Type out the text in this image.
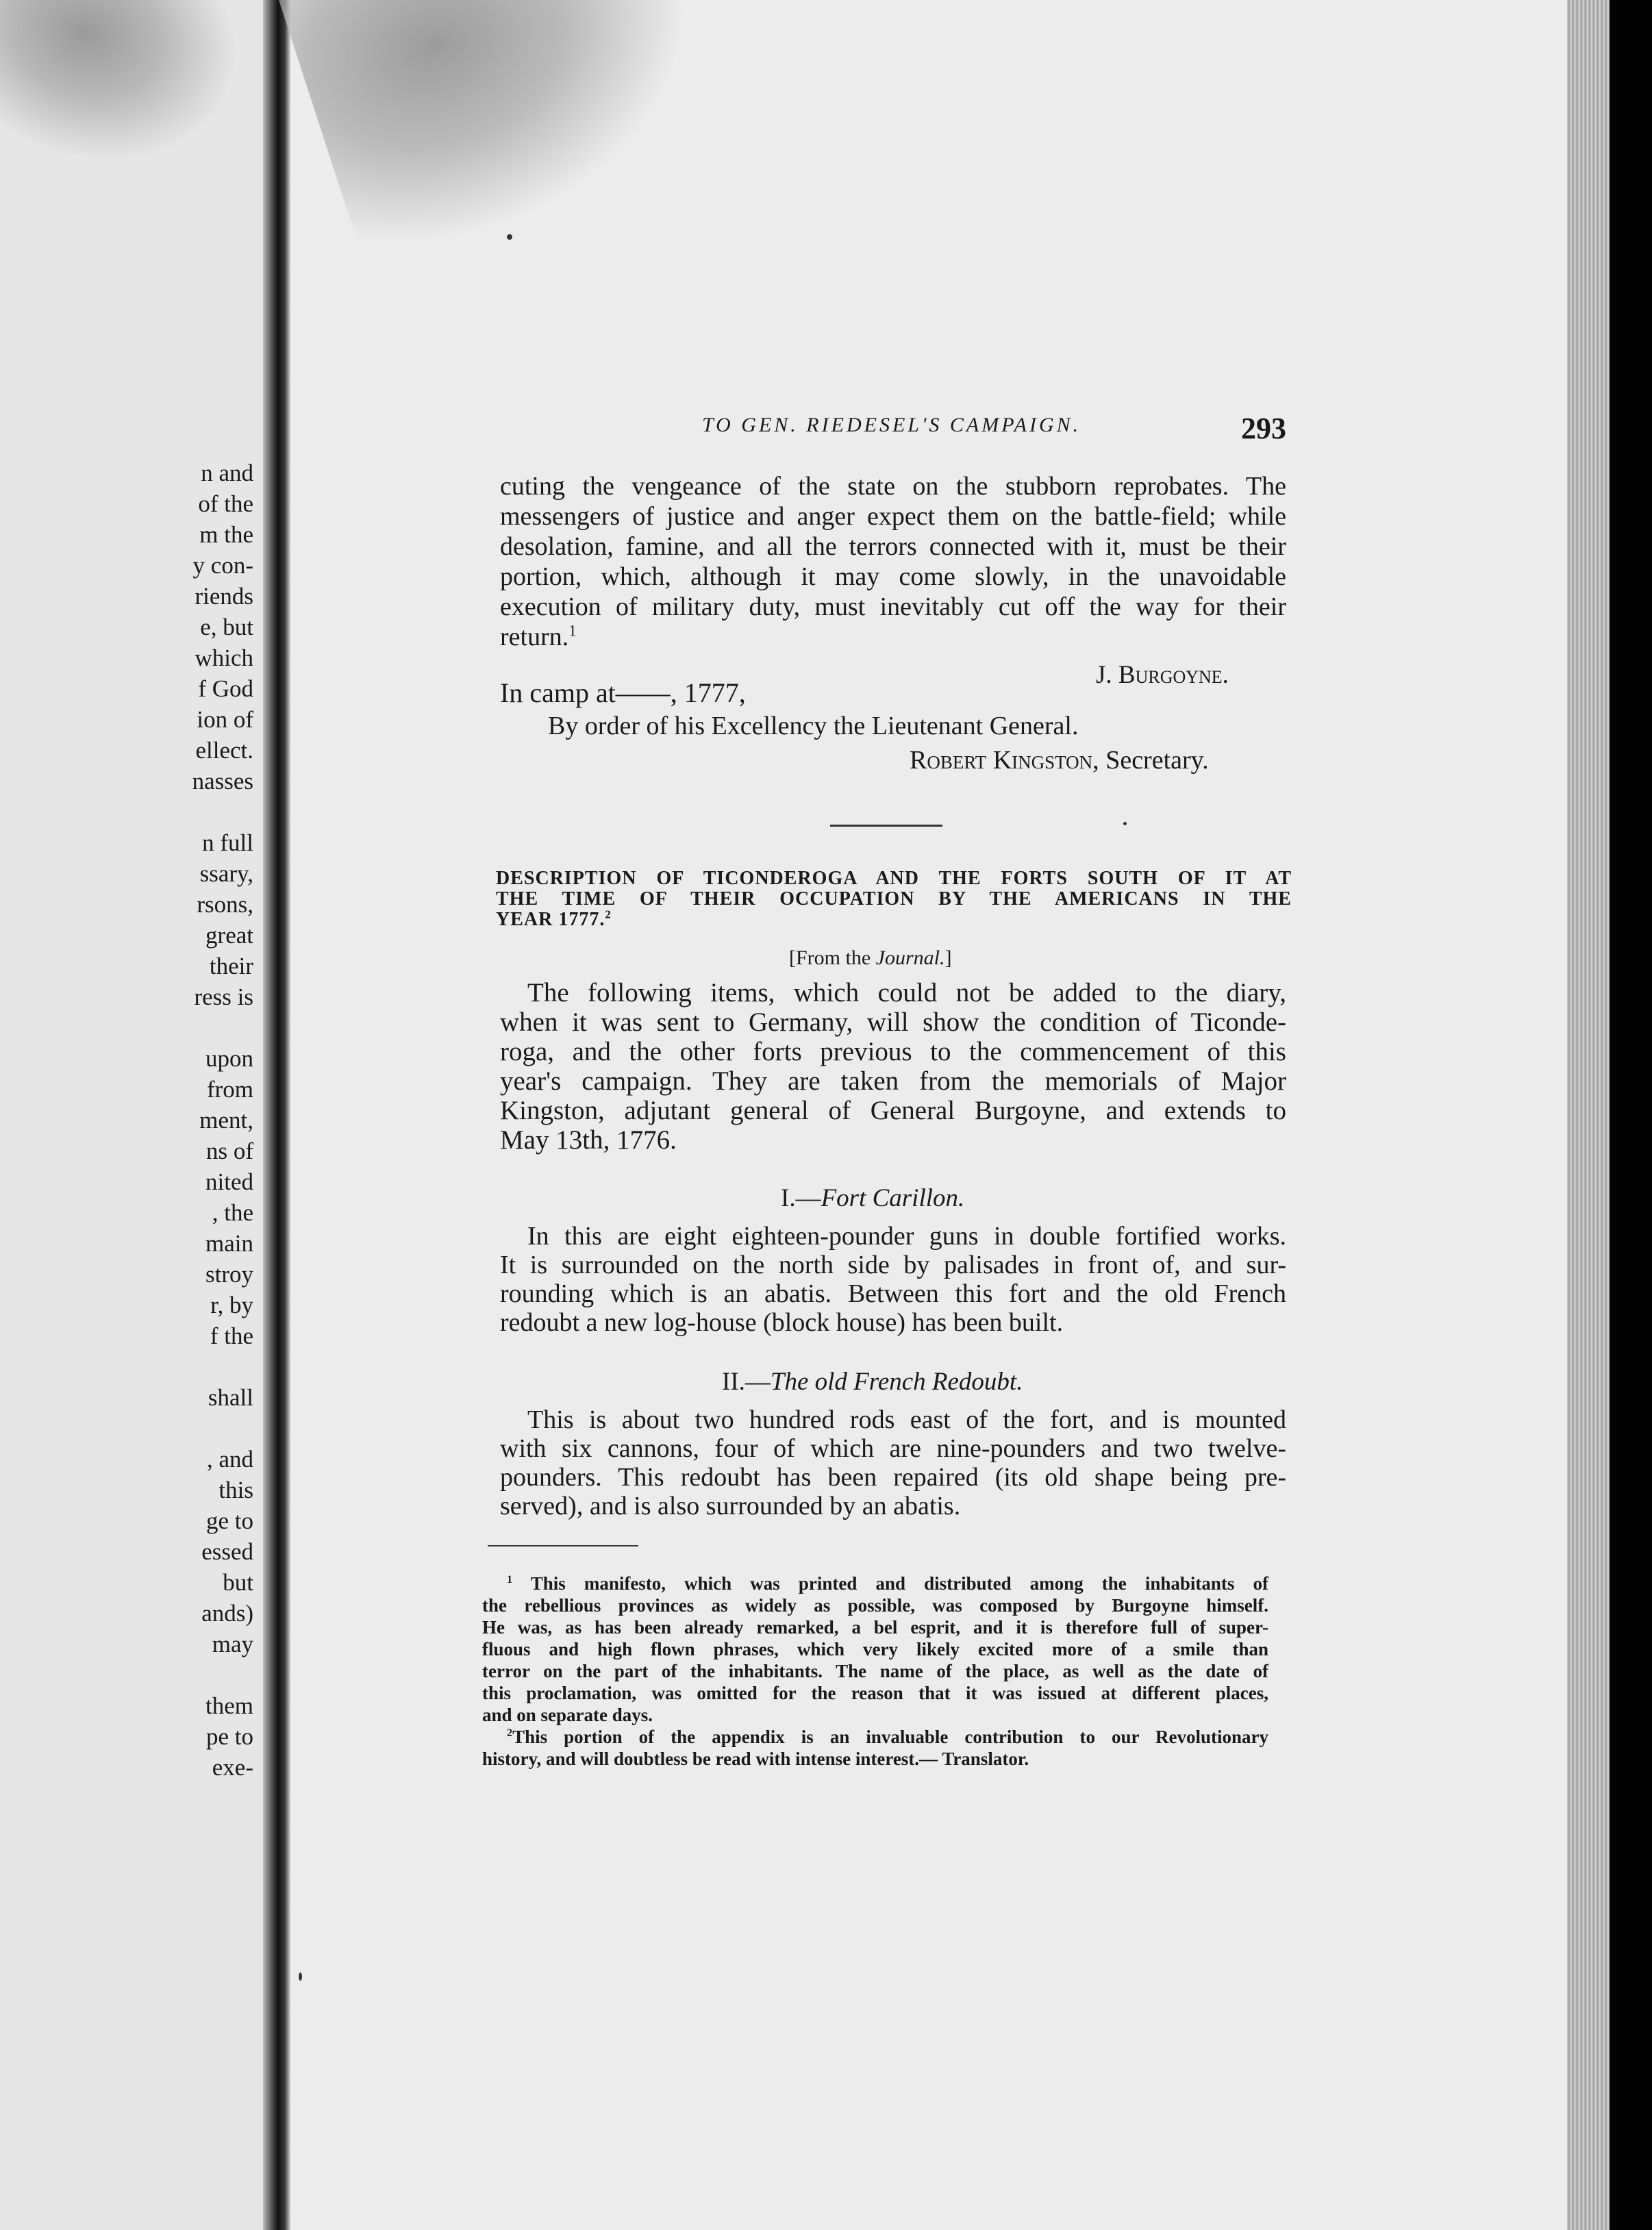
n and
of the
m the
y con-
riends
e, but
which
f God
ion of
ellect.
nasses

n full
ssary,
rsons,
great
their
ress is

upon
from
ment,
ns of
nited
, the
main
stroy
r, by
f the

shall

, and
this
ge to
essed
but
ands)
may

them
pe to
exe-
TO GEN. RIEDESEL'S CAMPAIGN.	293
cuting the vengeance of the state on the stubborn reprobates. The
messengers of justice and anger expect them on the battle-field; while
desolation, famine, and all the terrors connected with it, must be their
portion, which, although it may come slowly, in the unavoidable
execution of military duty, must inevitably cut off the way for their
return.$^1$
J. Burgoyne.
In camp at——, 1777,
By order of his Excellency the Lieutenant General.
Robert Kingston, Secretary.
DESCRIPTION OF TICONDEROGA AND THE FORTS SOUTH OF IT AT
THE TIME OF THEIR OCCUPATION BY THE AMERICANS IN THE
YEAR 1777.$^2$
[From the Journal.]
The following items, which could not be added to the diary,
when it was sent to Germany, will show the condition of Ticonde-
roga, and the other forts previous to the commencement of this
year's campaign. They are taken from the memorials of Major
Kingston, adjutant general of General Burgoyne, and extends to
May 13th, 1776.
I.—Fort Carillon.
In this are eight eighteen-pounder guns in double fortified works.
It is surrounded on the north side by palisades in front of, and sur-
rounding which is an abatis. Between this fort and the old French
redoubt a new log-house (block house) has been built.
II.—The old French Redoubt.
This is about two hundred rods east of the fort, and is mounted
with six cannons, four of which are nine-pounders and two twelve-
pounders. This redoubt has been repaired (its old shape being pre-
served), and is also surrounded by an abatis.
$^1$ This manifesto, which was printed and distributed among the inhabitants of
the rebellious provinces as widely as possible, was composed by Burgoyne himself.
He was, as has been already remarked, a bel esprit, and it is therefore full of super-
fluous and high flown phrases, which very likely excited more of a smile than
terror on the part of the inhabitants. The name of the place, as well as the date of
this proclamation, was omitted for the reason that it was issued at different places,
and on separate days.
$^2$This portion of the appendix is an invaluable contribution to our Revolutionary
history, and will doubtless be read with intense interest.— Translator.
